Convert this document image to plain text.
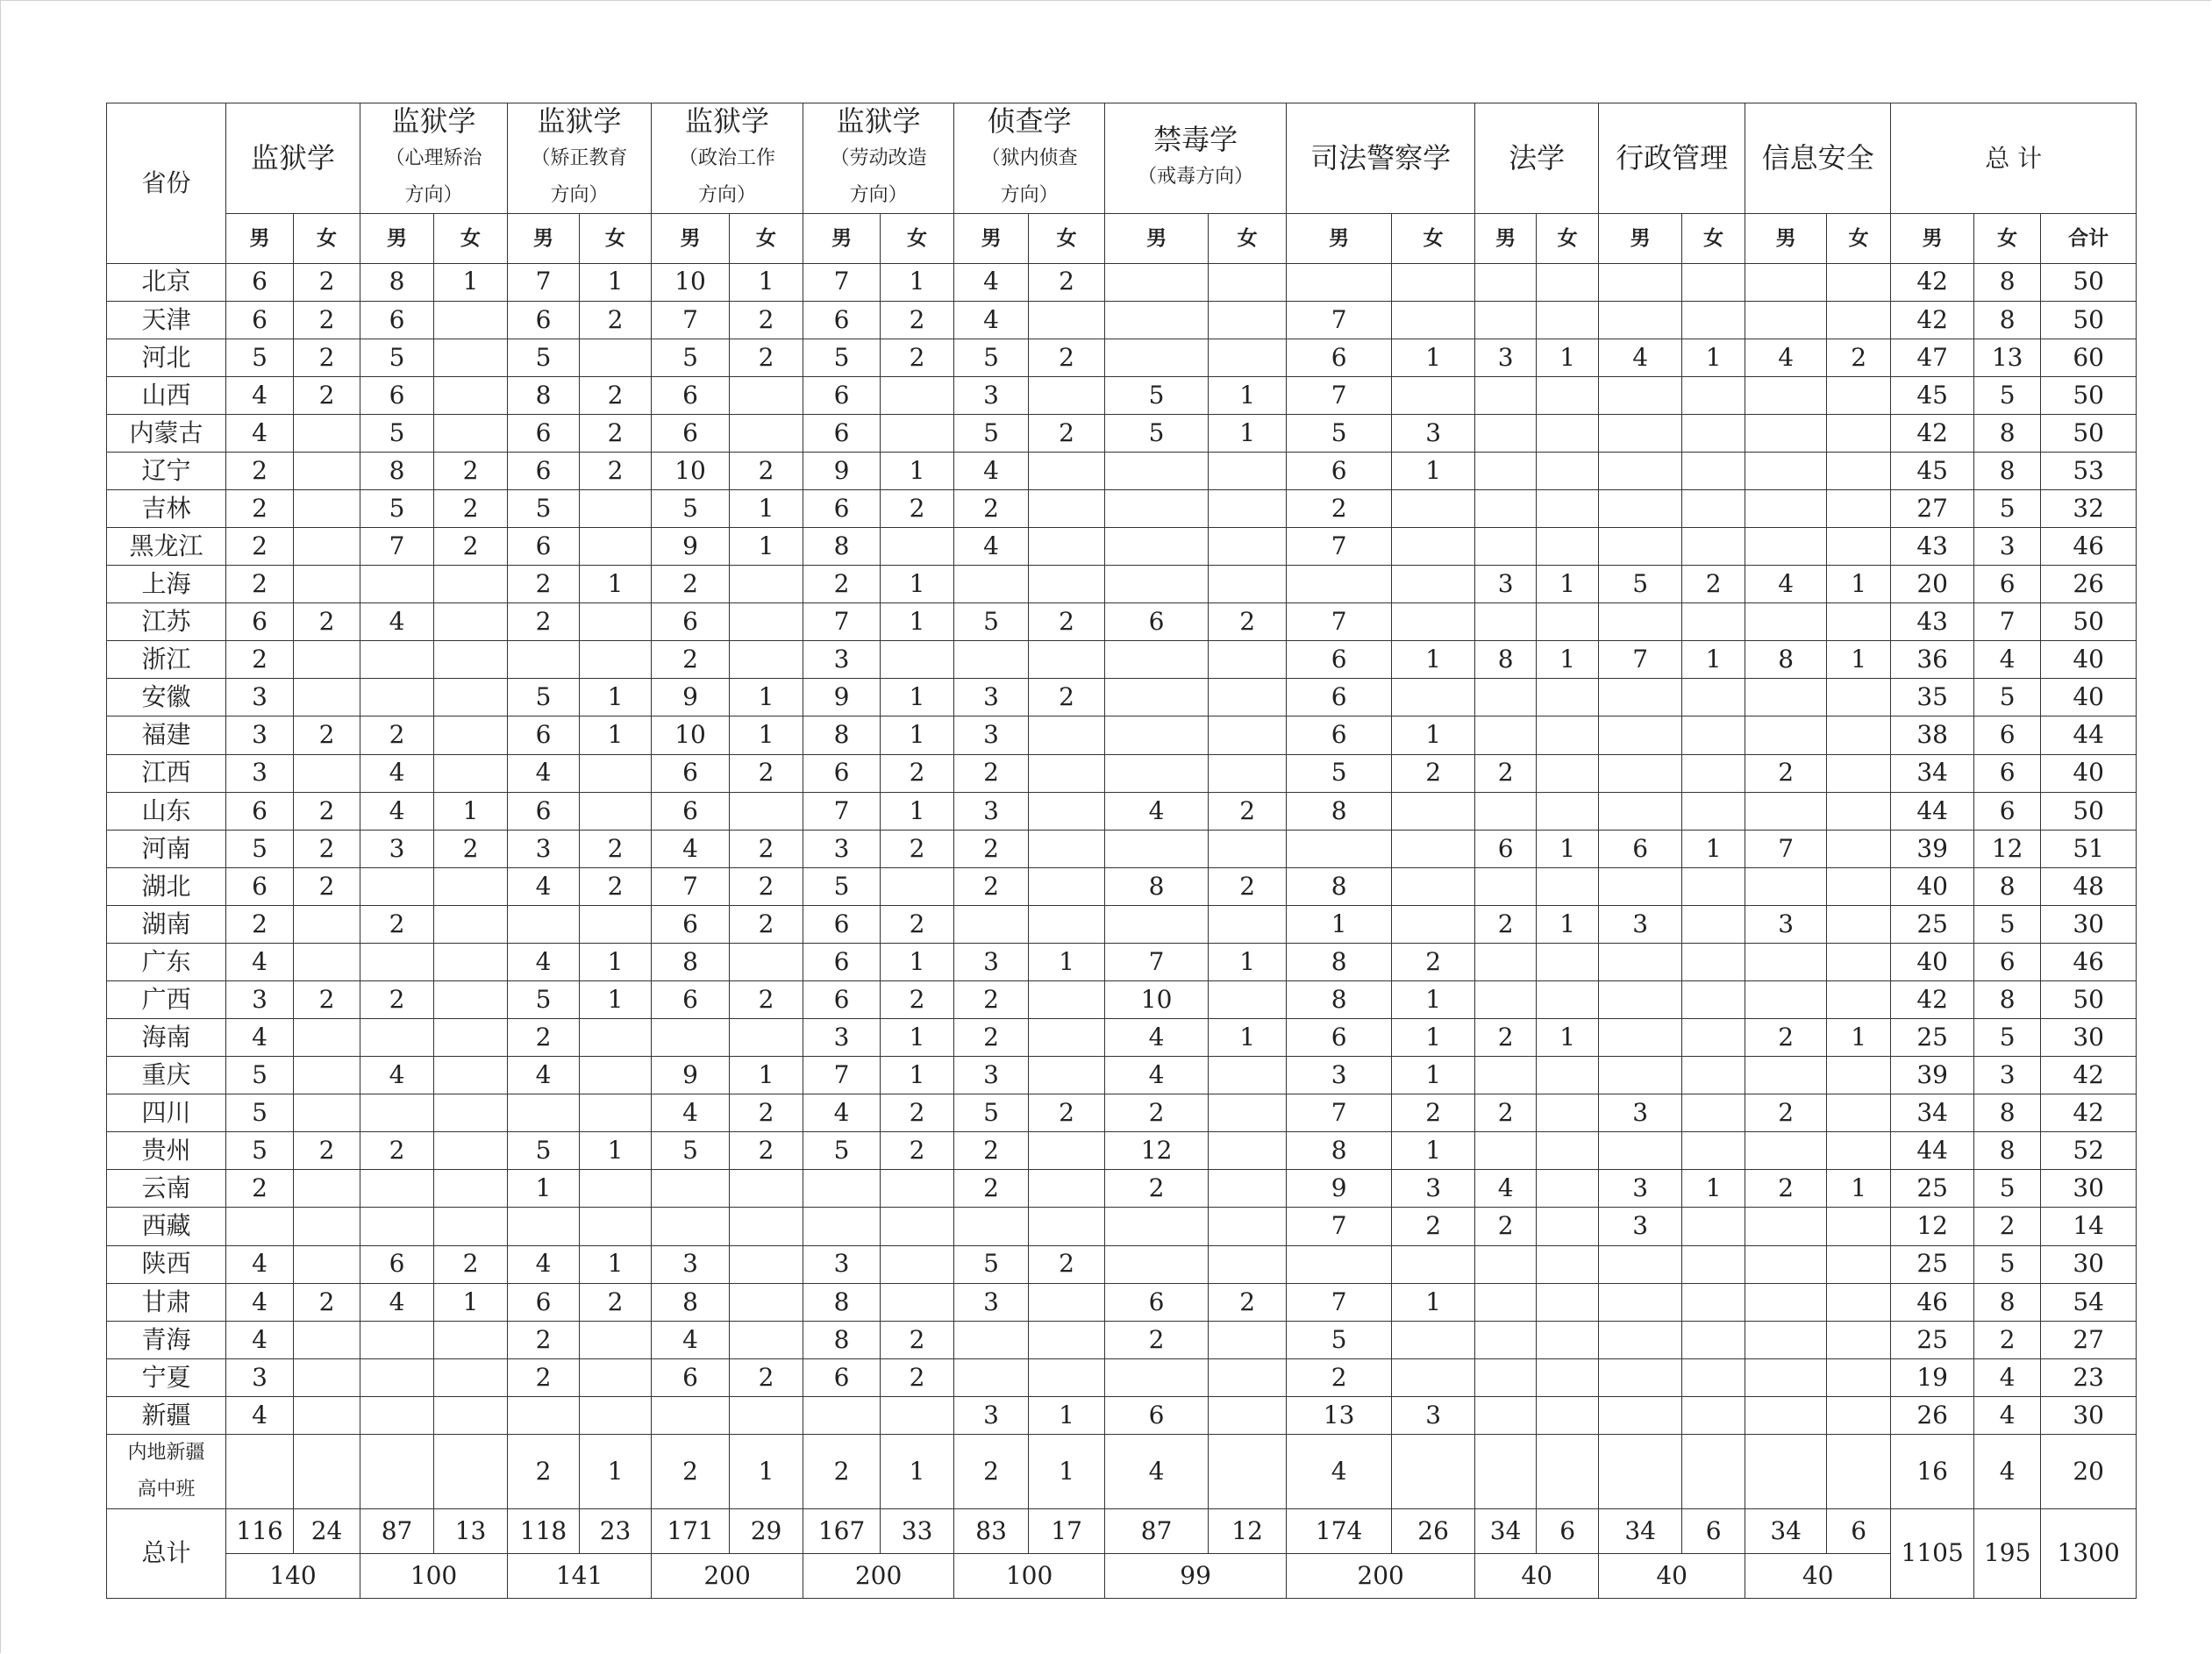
省份	监狱学		监狱学
（心理矫治
方向）		监狱学
（矫正教育
方向）		监狱学
（政治工作
方向）		监狱学
（劳动改造
方向）		侦查学
（狱内侦查
方向）		禁毒学
（戒毒方向）		司法警察学		法学		行政管理		信息安全		总 计		
	男	女	男	女	男	女	男	女	男	女	男	女	男	女	男	女	男	女	男	女	男	女	男	女	合计
北京	6	2	8	1	7	1	10	1	7	1	4	2											42	8	50
天津	6	2	6		6	2	7	2	6	2	4				7								42	8	50
河北	5	2	5		5		5	2	5	2	5	2			6	1	3	1	4	1	4	2	47	13	60
山西	4	2	6		8	2	6		6		3		5	1	7								45	5	50
内蒙古	4		5		6	2	6		6		5	2	5	1	5	3							42	8	50
辽宁	2		8	2	6	2	10	2	9	1	4				6	1							45	8	53
吉林	2		5	2	5		5	1	6	2	2				2								27	5	32
黑龙江	2		7	2	6		9	1	8		4				7								43	3	46
上海	2				2	1	2		2	1							3	1	5	2	4	1	20	6	26
江苏	6	2	4		2		6		7	1	5	2	6	2	7								43	7	50
浙江	2						2		3						6	1	8	1	7	1	8	1	36	4	40
安徽	3				5	1	9	1	9	1	3	2			6								35	5	40
福建	3	2	2		6	1	10	1	8	1	3				6	1							38	6	44
江西	3		4		4		6	2	6	2	2				5	2	2				2		34	6	40
山东	6	2	4	1	6		6		7	1	3		4	2	8								44	6	50
河南	5	2	3	2	3	2	4	2	3	2	2						6	1	6	1	7		39	12	51
湖北	6	2			4	2	7	2	5		2		8	2	8								40	8	48
湖南	2		2				6	2	6	2					1		2	1	3		3		25	5	30
广东	4				4	1	8		6	1	3	1	7	1	8	2							40	6	46
广西	3	2	2		5	1	6	2	6	2	2		10		8	1							42	8	50
海南	4				2				3	1	2		4	1	6	1	2	1			2	1	25	5	30
重庆	5		4		4		9	1	7	1	3		4		3	1							39	3	42
四川	5						4	2	4	2	5	2	2		7	2	2		3		2		34	8	42
贵州	5	2	2		5	1	5	2	5	2	2		12		8	1							44	8	52
云南	2				1						2		2		9	3	4		3	1	2	1	25	5	30
西藏															7	2	2		3				12	2	14
陕西	4		6	2	4	1	3		3		5	2											25	5	30
甘肃	4	2	4	1	6	2	8		8		3		6	2	7	1							46	8	54
青海	4				2		4		8	2			2		5								25	2	27
宁夏	3				2		6	2	6	2					2								19	4	23
新疆	4										3	1	6		13	3							26	4	30

内地新疆
高中班					2	1	2	1	2	1	2	1	4		4								16	4	20
总计	116	24	87	13	118	23	171	29	167	33	83	17	87	12	174	26	34	6	34	6	34	6	1105	195	1300
	140		100		141		200		200		100		99		200		40		40		40				
